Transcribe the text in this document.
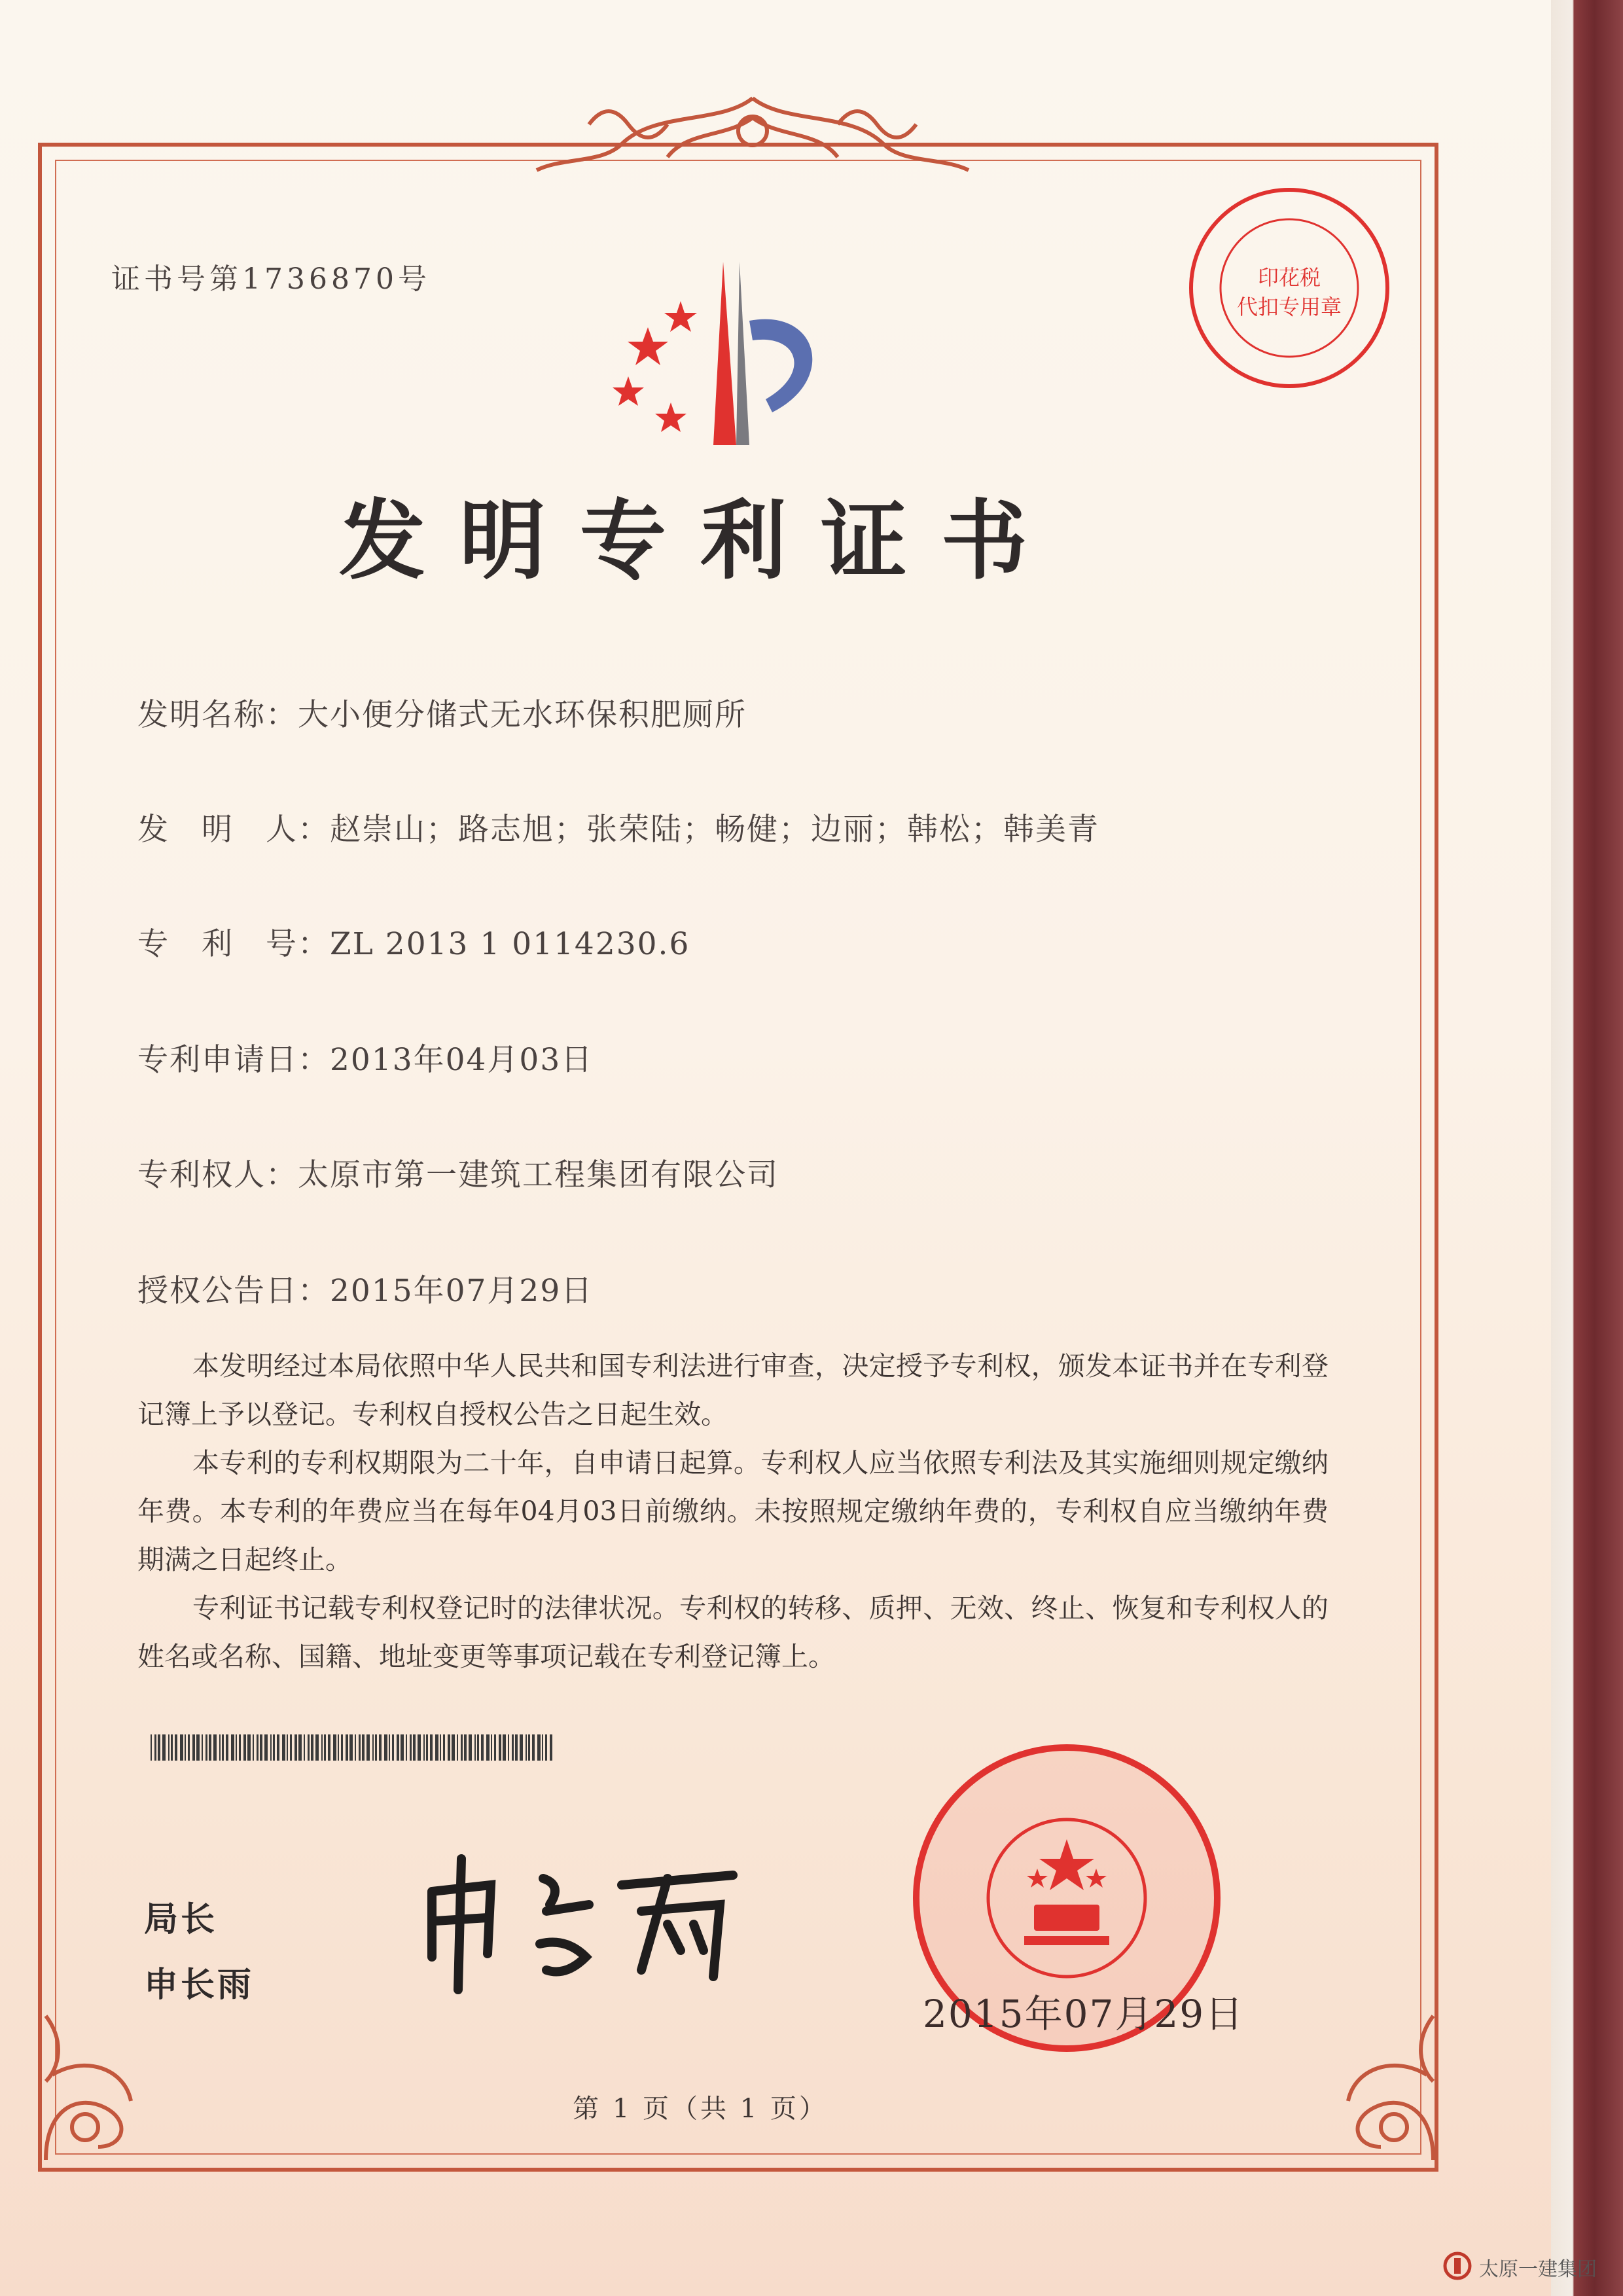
证书号第1736870号	印花税
代扣专用章
发明专利证书
发明名称：大小便分储式无水环保积肥厕所
发　明　人：赵崇山；路志旭；张荣陆；畅健；边丽；韩松；韩美青
专　利　号：ZL 2013 1 0114230.6
专利申请日：2013年04月03日
专利权人：太原市第一建筑工程集团有限公司
授权公告日：2015年07月29日
本发明经过本局依照中华人民共和国专利法进行审查，决定授予专利权，颁发本证书并在专利登记簿上予以登记。专利权自授权公告之日起生效。
本专利的专利权期限为二十年，自申请日起算。专利权人应当依照专利法及其实施细则规定缴纳年费。本专利的年费应当在每年04月03日前缴纳。未按照规定缴纳年费的，专利权自应当缴纳年费期满之日起终止。
专利证书记载专利权登记时的法律状况。专利权的转移、质押、无效、终止、恢复和专利权人的姓名或名称、国籍、地址变更等事项记载在专利登记簿上。
局长
申长雨
2015年07月29日
第 1 页（共 1 页）
太原一建集团
